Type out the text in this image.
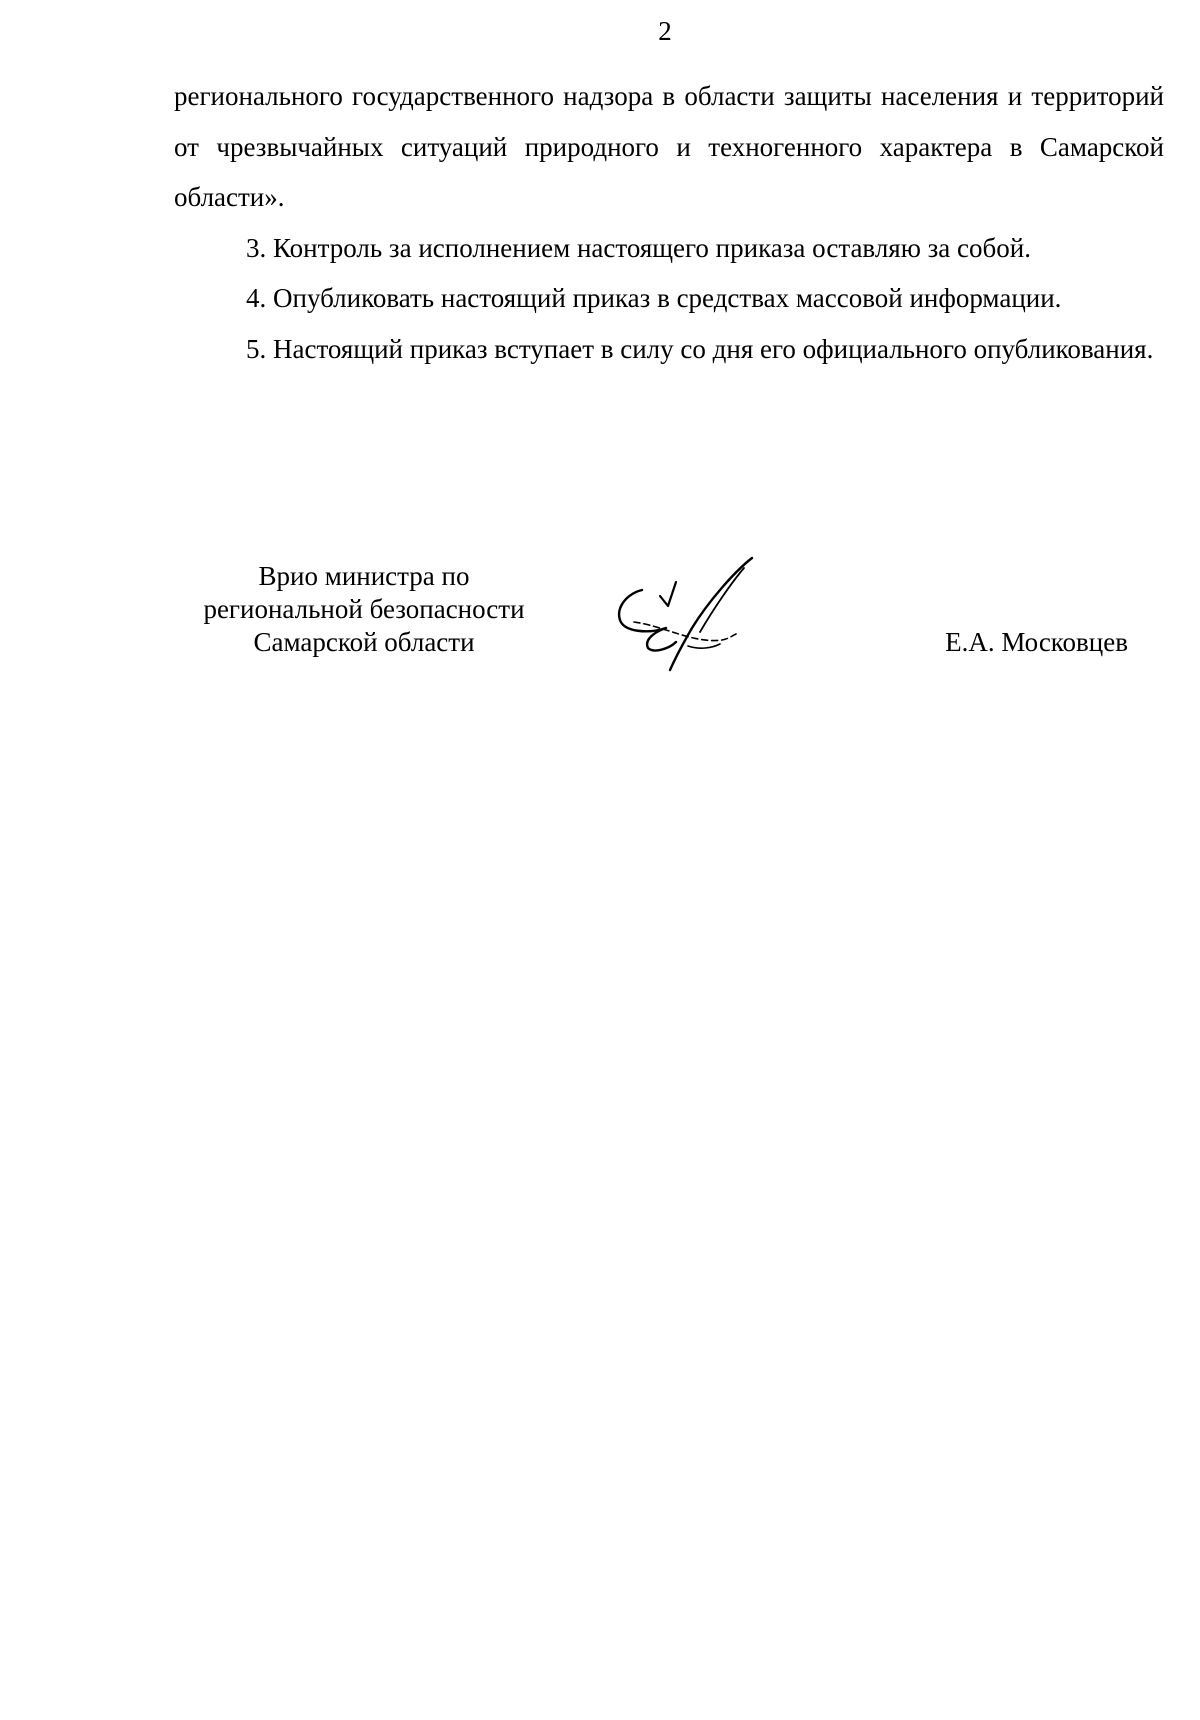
2

регионального государственного надзора в области защиты населения и территорий от чрезвычайных ситуаций природного и техногенного характера в Самарской области».

3. Контроль за исполнением настоящего приказа оставляю за собой.

4. Опубликовать настоящий приказ в средствах массовой информации.

5. Настоящий приказ вступает в силу со дня его официального опубликования.

Врио министра по
региональной безопасности
Самарской области	Е.А. Московцев
